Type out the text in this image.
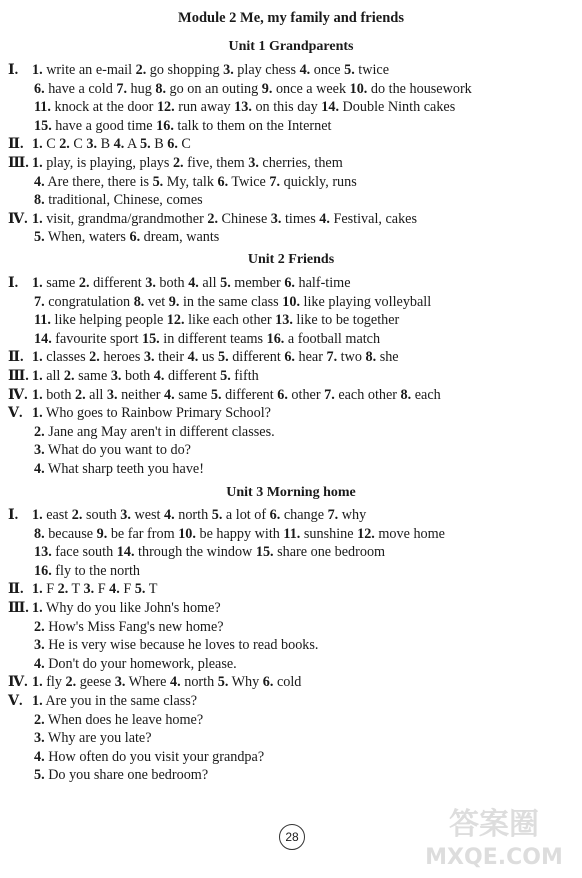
Module 2 Me, my family and friends
Unit 1 Grandparents
Ⅰ. 1. write an e-mail 2. go shopping 3. play chess 4. once 5. twice
6. have a cold 7. hug 8. go on an outing 9. once a week 10. do the housework
11. knock at the door 12. run away 13. on this day 14. Double Ninth cakes
15. have a good time 16. talk to them on the Internet
Ⅱ. 1. C 2. C 3. B 4. A 5. B 6. C
Ⅲ. 1. play, is playing, plays 2. five, them 3. cherries, them
4. Are there, there is 5. My, talk 6. Twice 7. quickly, runs
8. traditional, Chinese, comes
Ⅳ. 1. visit, grandma/grandmother 2. Chinese 3. times 4. Festival, cakes
5. When, waters 6. dream, wants
Unit 2 Friends
Ⅰ. 1. same 2. different 3. both 4. all 5. member 6. half-time
7. congratulation 8. vet 9. in the same class 10. like playing volleyball
11. like helping people 12. like each other 13. like to be together
14. favourite sport 15. in different teams 16. a football match
Ⅱ. 1. classes 2. heroes 3. their 4. us 5. different 6. hear 7. two 8. she
Ⅲ. 1. all 2. same 3. both 4. different 5. fifth
Ⅳ. 1. both 2. all 3. neither 4. same 5. different 6. other 7. each other 8. each
Ⅴ. 1. Who goes to Rainbow Primary School?
2. Jane ang May aren't in different classes.
3. What do you want to do?
4. What sharp teeth you have!
Unit 3 Morning home
Ⅰ. 1. east 2. south 3. west 4. north 5. a lot of 6. change 7. why
8. because 9. be far from 10. be happy with 11. sunshine 12. move home
13. face south 14. through the window 15. share one bedroom
16. fly to the north
Ⅱ. 1. F 2. T 3. F 4. F 5. T
Ⅲ. 1. Why do you like John's home?
2. How's Miss Fang's new home?
3. He is very wise because he loves to read books.
4. Don't do your homework, please.
Ⅳ. 1. fly 2. geese 3. Where 4. north 5. Why 6. cold
Ⅴ. 1. Are you in the same class?
2. When does he leave home?
3. Why are you late?
4. How often do you visit your grandpa?
5. Do you share one bedroom?
28	答案圈
MXQE.COM
